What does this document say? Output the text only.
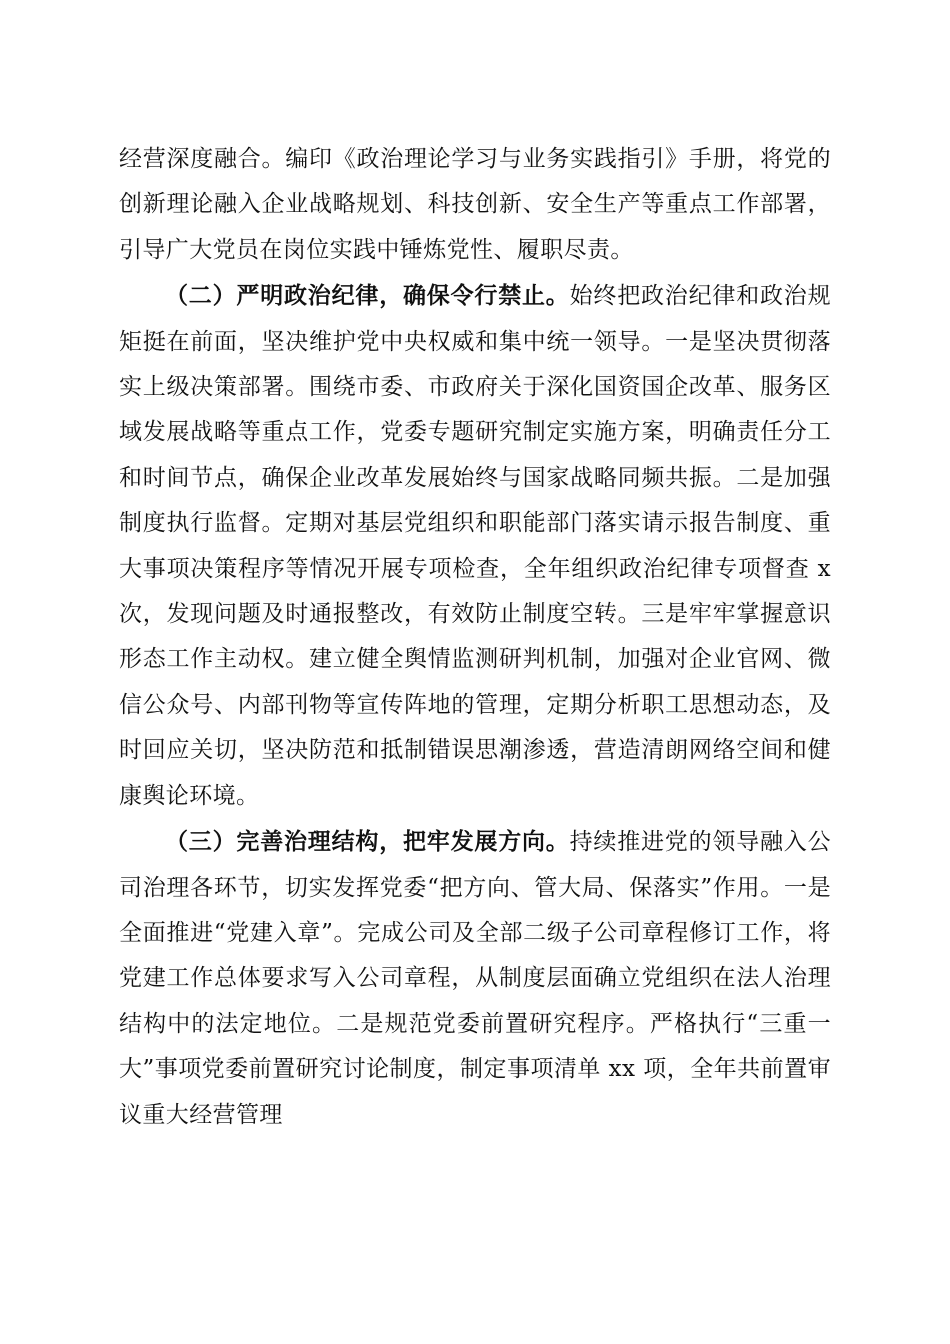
经营深度融合。编印《政治理论学习与业务实践指引》手册，将党的创新理论融入企业战略规划、科技创新、安全生产等重点工作部署，引导广大党员在岗位实践中锤炼党性、履职尽责。

（二）严明政治纪律，确保令行禁止。始终把政治纪律和政治规矩挺在前面，坚决维护党中央权威和集中统一领导。一是坚决贯彻落实上级决策部署。围绕市委、市政府关于深化国资国企改革、服务区域发展战略等重点工作，党委专题研究制定实施方案，明确责任分工和时间节点，确保企业改革发展始终与国家战略同频共振。二是加强制度执行监督。定期对基层党组织和职能部门落实请示报告制度、重大事项决策程序等情况开展专项检查，全年组织政治纪律专项督查 x 次，发现问题及时通报整改，有效防止制度空转。三是牢牢掌握意识形态工作主动权。建立健全舆情监测研判机制，加强对企业官网、微信公众号、内部刊物等宣传阵地的管理，定期分析职工思想动态，及时回应关切，坚决防范和抵制错误思潮渗透，营造清朗网络空间和健康舆论环境。

（三）完善治理结构，把牢发展方向。持续推进党的领导融入公司治理各环节，切实发挥党委“把方向、管大局、保落实”作用。一是全面推进“党建入章”。完成公司及全部二级子公司章程修订工作，将党建工作总体要求写入公司章程，从制度层面确立党组织在法人治理结构中的法定地位。二是规范党委前置研究程序。严格执行“三重一大”事项党委前置研究讨论制度，制定事项清单 xx 项，全年共前置审议重大经营管理
